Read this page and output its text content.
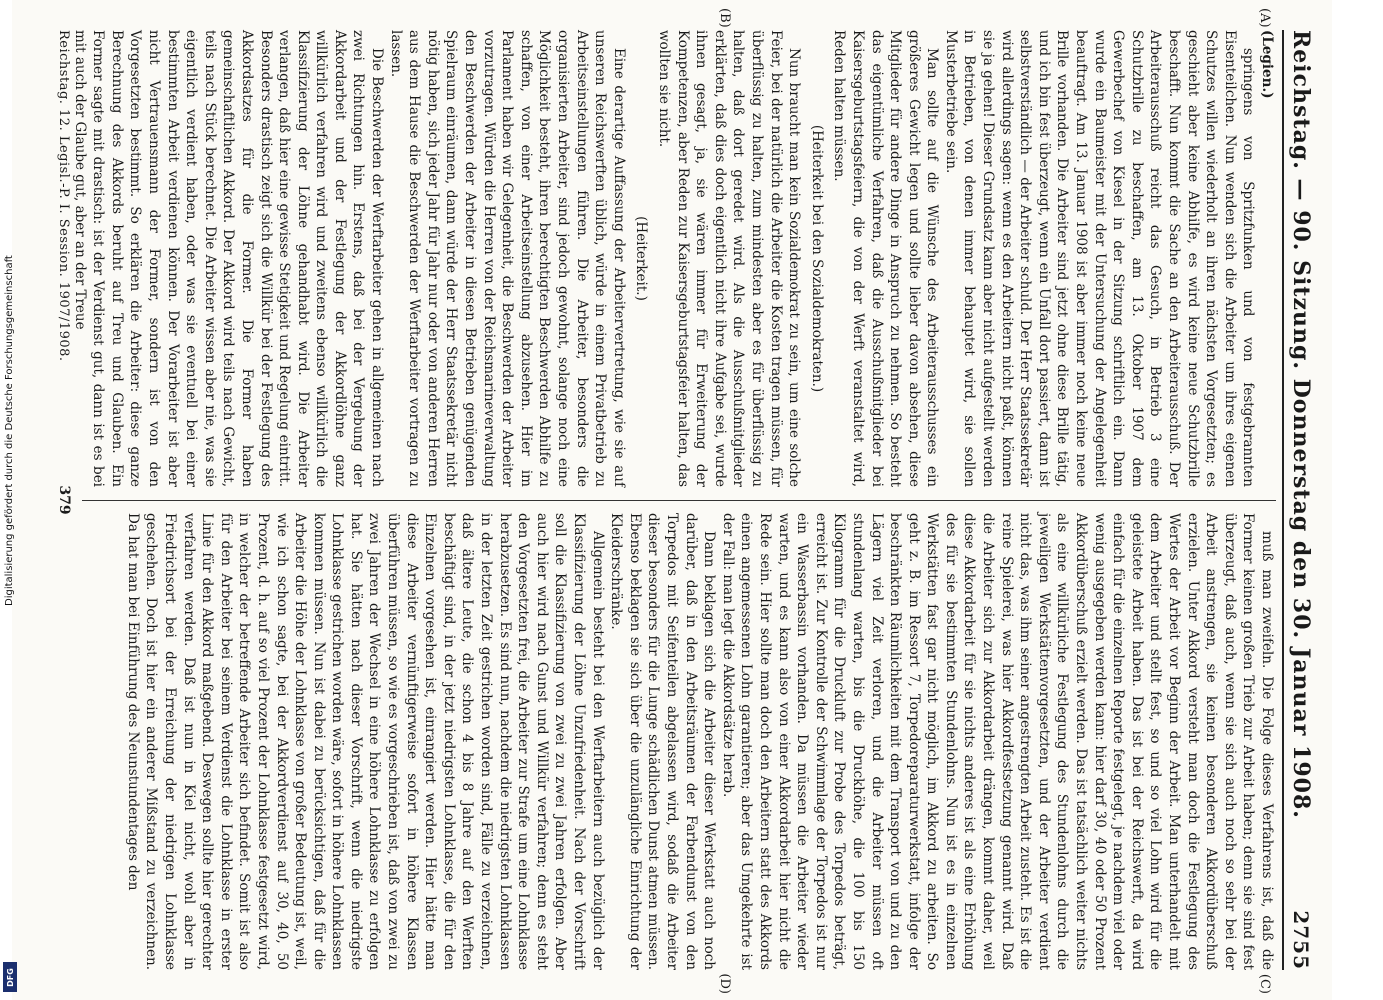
Reichstag. — 90. Sitzung. Donnerstag den 30. Januar 1908.
2755
(A)
(B)
(C)
(D)

(Legien.)

springens von Spritzfunken und von festgebrannten Eisenteilchen. Nun wenden sich die Arbeiter um ihres eigenen Schutzes willen wiederholt an ihren nächsten Vorgesetzten; es geschieht aber keine Abhilfe, es wird keine neue Schutzbrille beschafft. Nun kommt die Sache an den Arbeiterausschuß. Der Arbeiterausschuß reicht das Gesuch, in Betrieb 3 eine Schutzbrille zu beschaffen, am 13. Oktober 1907 dem Gewerbechef von Kiesel in der Sitzung schriftlich ein. Dann wurde ein Baumeister mit der Untersuchung der Angelegenheit beauftragt. Am 13. Januar 1908 ist aber immer noch keine neue Brille vorhanden. Die Arbeiter sind jetzt ohne diese Brille tätig, und ich bin fest überzeugt, wenn ein Unfall dort passiert, dann ist selbstverständlich — der Arbeiter schuld. Der Herr Staatssekretär wird allerdings sagen: wenn es den Arbeitern nicht paßt, können sie ja gehen! Dieser Grundsatz kann aber nicht aufgestellt werden in Betrieben, von denen immer behauptet wird, sie sollen Musterbetriebe sein.

Man sollte auf die Wünsche des Arbeiterausschusses ein größeres Gewicht legen und sollte lieber davon absehen, diese Mitglieder für andere Dinge in Anspruch zu nehmen. So besteht das eigentümliche Verfahren, daß die Ausschußmitglieder bei Kaisersgeburtstagsfeiern, die von der Werft veranstaltet wird, Reden halten müssen.

(Heiterkeit bei den Sozialdemokraten.)

Nun braucht man kein Sozialdemokrat zu sein, um eine solche Feier, bei der natürlich die Arbeiter die Kosten tragen müssen, für überflüssig zu halten, zum mindesten aber es für überflüssig zu halten, daß dort geredet wird. Als die Ausschußmitglieder erklärten, daß dies doch eigentlich nicht ihre Aufgabe sei, wurde ihnen gesagt, ja, sie wären immer für Erweiterung der Kompetenzen, aber Reden zur Kaisersgeburtstagsfeier halten, das wollten sie nicht.

(Heiterkeit.)

Eine derartige Auffassung der Arbeitervertretung, wie sie auf unseren Reichswerften üblich, würde in einem Privatbetrieb zu Arbeitseinstellungen führen. Die Arbeiter, besonders die organisierten Arbeiter, sind jedoch gewohnt, solange noch eine Möglichkeit besteht, ihren berechtigten Beschwerden Abhilfe zu schaffen, von einer Arbeitseinstellung abzusehen. Hier im Parlament haben wir Gelegenheit, die Beschwerden der Arbeiter vorzutragen. Würden die Herren von der Reichsmarineverwaltung den Beschwerden der Arbeiter in diesen Betrieben genügenden Spielraum einräumen, dann würde der Herr Staatssekretär nicht nötig haben, sich jeder Jahr für Jahr nur oder von anderen Herren aus dem Hause die Beschwerden der Werftarbeiter vortragen zu lassen.

Die Beschwerden der Werftarbeiter gehen in allgemeinen nach zwei Richtungen hin. Erstens, daß bei der Vergebung der Akkordarbeit und der Festlegung der Akkordlöhne ganz willkürlich verfahren wird und zweitens ebenso willkürlich die Klassifizierung der Löhne gehandhabt wird. Die Arbeiter verlangen, daß hier eine gewisse Stetigkeit und Regelung eintritt. Besonders drastisch zeigt sich die Willkür bei der Festlegung des Akkordsatzes für die Former. Die Former haben gemeinschaftlichen Akkord. Der Akkord wird teils nach Gewicht, teils nach Stück berechnet. Die Arbeiter wissen aber nie, was sie eigentlich verdient haben, oder was sie eventuell bei einer bestimmten Arbeit verdienen können. Der Vorarbeiter ist aber nicht Vertrauensmann der Former, sondern ist von den Vorgesetzten bestimmt. So erklären die Arbeiter: diese ganze Berechnung des Akkords beruht auf Treu und Glauben. Ein Former sagte mit drastisch: ist der Verdienst gut, dann ist es bei mit auch der Glaube gut, aber an der Treue

muß man zweifeln. Die Folge dieses Verfahrens ist, daß die Former keinen großen Trieb zur Arbeit haben; denn sie sind fest überzeugt, daß auch, wenn sie sich auch noch so sehr bei der Arbeit anstrengen, sie keinen besonderen Akkordüberschuß erzielen. Unter Akkord versteht man doch die Festlegung des Wertes der Arbeit vor Beginn der Arbeit. Man unterhandelt mit dem Arbeiter und stellt fest, so und so viel Lohn wird für die geleistete Arbeit haben. Das ist bei der Reichswerft, da wird einfach für die einzelnen Reporte festgelegt, je nachdem viel oder wenig ausgegeben werden kann: hier darf 30, 40 oder 50 Prozent Akkordüberschuß erzielt werden. Das ist tatsächlich weiter nichts als eine willkürliche Festlegung des Stundenlohns durch die jeweiligen Werkstättenvorgesetzten, und der Arbeiter verdient nicht das, was ihm seiner angestrengten Arbeit zusteht. Es ist die reine Spielerei, was hier Akkordfestsetzung genannt wird. Daß die Arbeiter sich zur Akkordarbeit drängen, kommt daher, weil diese Akkordarbeit für sie nichts anderes ist als eine Erhöhung des für sie bestimmten Stundenlohns. Nun ist es in einzelnen Werkstätten fast gar nicht möglich, im Akkord zu arbeiten. So geht z. B. im Ressort 7, Torpedoreparaturwerkstatt, infolge der beschränkten Räumlichkeiten mit dem Transport von und zu den Lägern viel Zeit verloren, und die Arbeiter müssen oft stundenlang warten, bis die Druckhöhe, die 100 bis 150 Kilogramm für die Druckluft zur Probe des Torpedos beträgt, erreicht ist. Zur Kontrolle der Schwimmlage der Torpedos ist nur ein Wasserbassin vorhanden. Da müssen die Arbeiter wieder warten, und es kann also von einer Akkordarbeit hier nicht die Rede sein. Hier sollte man doch den Arbeitern statt des Akkords einen angemessenen Lohn garantieren; aber das Umgekehrte ist der Fall: man legt die Akkordsätze herab.

Dann beklagen sich die Arbeiter dieser Werkstatt auch noch darüber, daß in den Arbeitsräumen der Farbendunst von den Torpedos mit Seifenteilen abgelassen wird, sodaß die Arbeiter dieser besonders für die Lunge schädlichen Dunst atmen müssen. Ebenso beklagen sie sich über die unzulängliche Einrichtung der Kleiderschränke.

Allgemein besteht bei den Werftarbeitern auch bezüglich der Klassifizierung der Löhne Unzufriedenheit. Nach der Vorschrift soll die Klassifizierung von zwei zu zwei Jahren erfolgen. Aber auch hier wird nach Gunst und Willkür verfahren; denn es steht den Vorgesetzten frei, die Arbeiter zur Strafe um eine Lohnklasse herabzusetzen. Es sind nun, nachdem die niedrigsten Lohnklassen in der letzten Zeit gestrichen worden sind, Fälle zu verzeichnen, daß ältere Leute, die schon 4 bis 8 Jahre auf den Werften beschäftigt sind, in der jetzt niedrigsten Lohnklasse, die für den Einzelnen vorgesehen ist, einrangiert werden. Hier hätte man diese Arbeiter vernünftigerweise sofort in höhere Klassen überführen müssen, so wie es vorgeschrieben ist, daß von zwei zu zwei Jahren der Wechsel in eine höhere Lohnklasse zu erfolgen hat. Sie hätten nach dieser Vorschrift, wenn die niedrigste Lohnklasse gestrichen worden wäre, sofort in höhere Lohnklassen kommen müssen. Nun ist dabei zu berücksichtigen, daß für die Arbeiter die Höhe der Lohnklasse von großer Bedeutung ist, weil, wie ich schon sagte, bei der Akkordverdienst auf 30, 40, 50 Prozent, d. h. auf so viel Prozent der Lohnklasse festgesetzt wird, in welcher der betreffende Arbeiter sich befindet. Somit ist also für den Arbeiter bei seinem Verdienst die Lohnklasse in erster Linie für den Akkord maßgebend. Deswegen sollte hier gerechter verfahren werden. Daß ist nun in Kiel nicht, wohl aber in Friedrichsort bei der Erreichung der niedrigen Lohnklasse geschehen. Doch ist hier ein anderer Mißstand zu verzeichnen. Da hat man bei Einführung des Neunstundentages den

Reichstag. 12. Legisl.-P. I. Session. 1907/1908.
379
Digitalisierung gefördert durch die Deutsche Forschungsgemeinschaft
DFG
